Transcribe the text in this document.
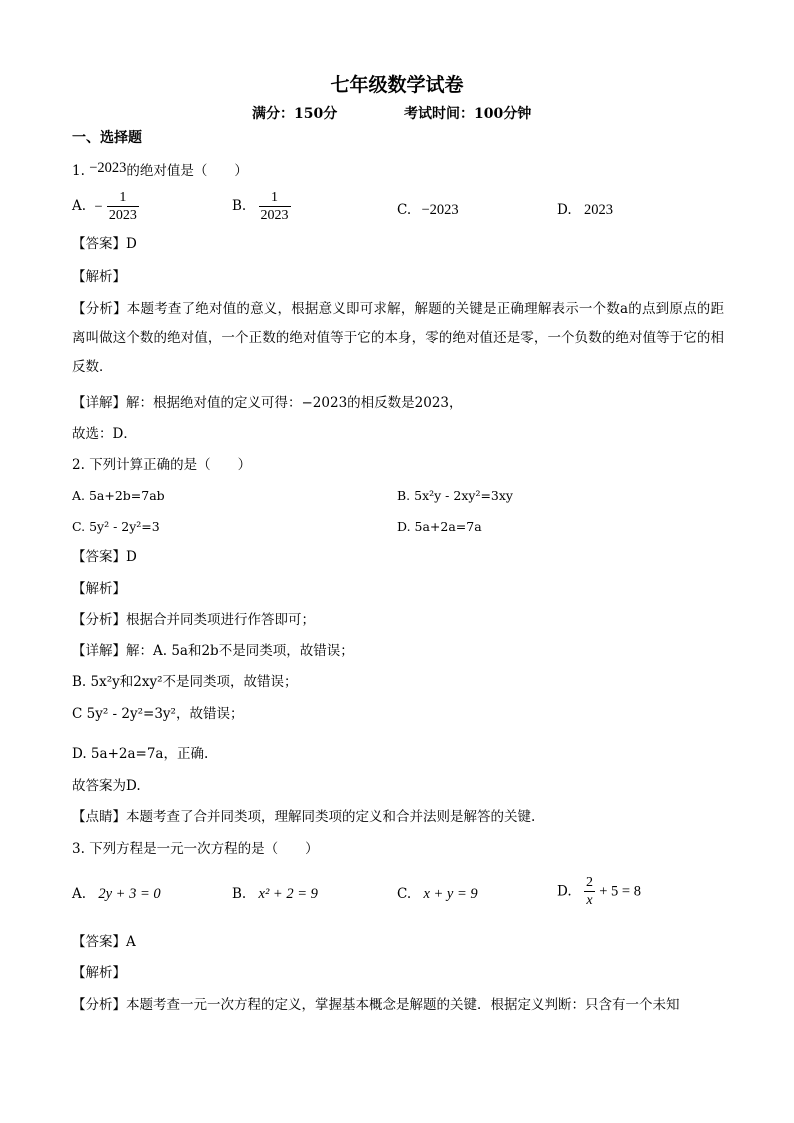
七年级数学试卷
满分：150分	考试时间：100分钟
一、选择题
1. −2023的绝对值是（　　）
A. − $\frac{1}{2023}$	B. $\frac{1}{2023}$	C. −2023	D. 2023
【答案】D
【解析】
【分析】本题考查了绝对值的意义，根据意义即可求解，解题的关键是正确理解表示一个数a的点到原点的距离叫做这个数的绝对值，一个正数的绝对值等于它的本身，零的绝对值还是零，一个负数的绝对值等于它的相反数．
【详解】解：根据绝对值的定义可得：−2023的相反数是2023，
故选：D．
2. 下列计算正确的是（　　）
A. 5a+2b=7ab	B. 5x²y - 2xy²=3xy
C. 5y² - 2y²=3	D. 5a+2a=7a
【答案】D
【解析】
【分析】根据合并同类项进行作答即可；
【详解】解：A. 5a和2b不是同类项，故错误；
B. 5x²y和2xy²不是同类项，故错误；
C 5y² - 2y²=3y²，故错误；
D. 5a+2a=7a，正确.
故答案为D.
【点睛】本题考查了合并同类项，理解同类项的定义和合并法则是解答的关键.
3. 下列方程是一元一次方程的是（　　）
A. 2y + 3 = 0	B. x² + 2 = 9	C. x + y = 9	D. $\frac{2}{x} + 5 = 8$
【答案】A
【解析】
【分析】本题考查一元一次方程的定义，掌握基本概念是解题的关键．根据定义判断：只含有一个未知
